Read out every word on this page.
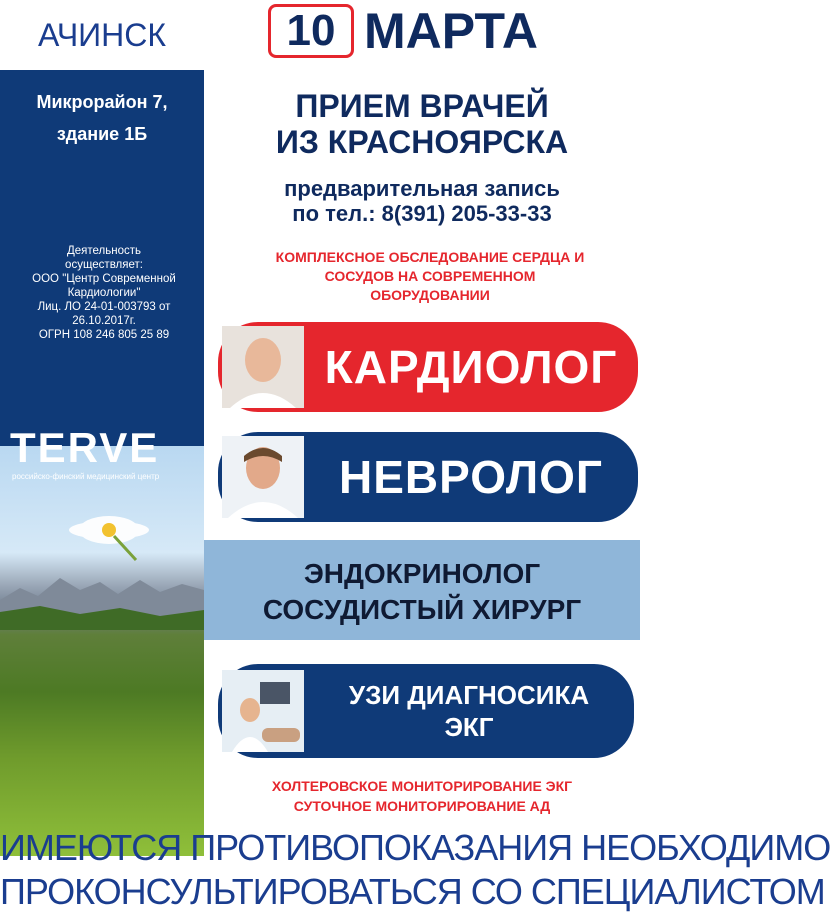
АЧИНСК
Микрорайон 7,
здание 1Б
Деятельность
осуществляет:
ООО "Центр Современной
Кардиологии"
Лиц. ЛО 24-01-003793 от
26.10.2017г.
ОГРН 108 246 805 25 89
TERVE
российско-финский медицинский центр
10 МАРТА
ПРИЕМ ВРАЧЕЙ
ИЗ КРАСНОЯРСКА
предварительная запись
по тел.: 8(391) 205-33-33
КОМПЛЕКСНОЕ ОБСЛЕДОВАНИЕ СЕРДЦА И
СОСУДОВ НА СОВРЕМЕННОМ
ОБОРУДОВАНИИ
КАРДИОЛОГ
НЕВРОЛОГ
ЭНДОКРИНОЛОГ
СОСУДИСТЫЙ ХИРУРГ
УЗИ ДИАГНОСИКА
ЭКГ
ХОЛТЕРОВСКОЕ МОНИТОРИРОВАНИЕ ЭКГ
СУТОЧНОЕ МОНИТОРИРОВАНИЕ АД
ИМЕЮТСЯ ПРОТИВОПОКАЗАНИЯ НЕОБХОДИМО
ПРОКОНСУЛЬТИРОВАТЬСЯ СО СПЕЦИАЛИСТОМ
